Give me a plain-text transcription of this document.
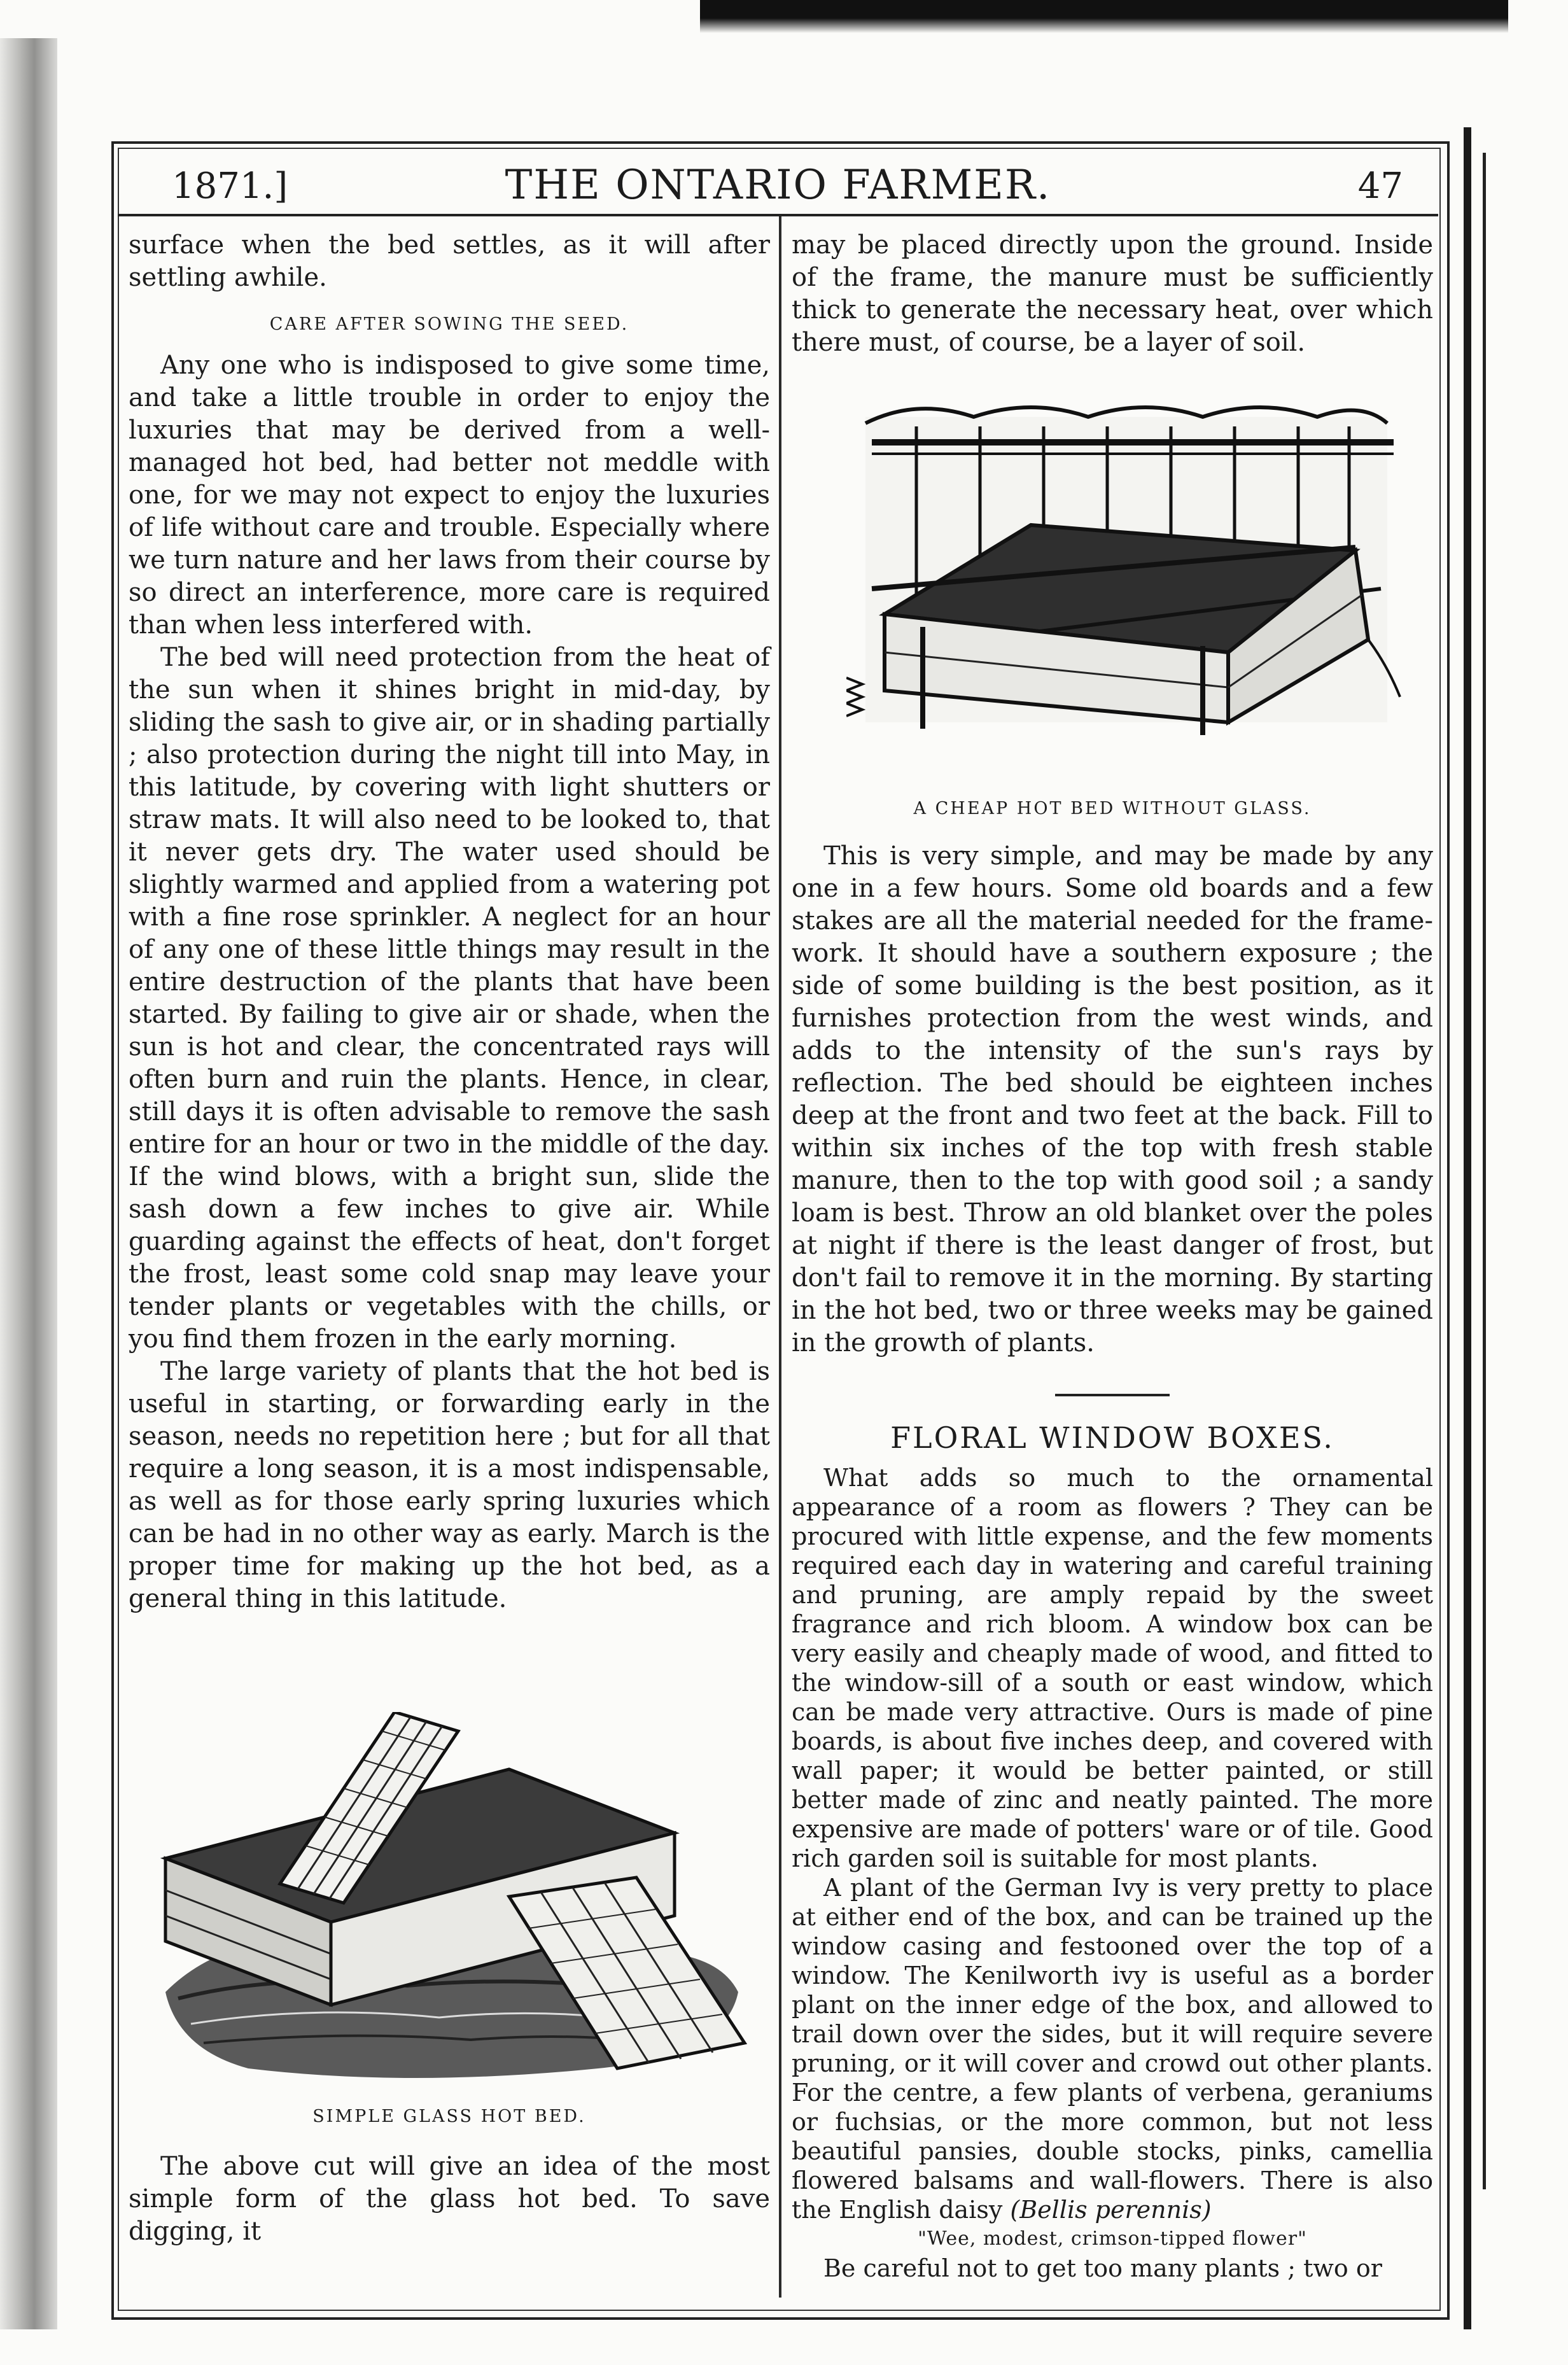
1871.]	THE ONTARIO FARMER.	47

surface when the bed settles, as it will after settling awhile.

CARE AFTER SOWING THE SEED.

Any one who is indisposed to give some time, and take a little trouble in order to enjoy the luxuries that may be derived from a well-managed hot bed, had better not meddle with one, for we may not expect to enjoy the luxuries of life without care and trouble. Especially where we turn nature and her laws from their course by so direct an interference, more care is required than when less interfered with.

The bed will need protection from the heat of the sun when it shines bright in mid-day, by sliding the sash to give air, or in shading partially ; also protection during the night till into May, in this latitude, by covering with light shutters or straw mats. It will also need to be looked to, that it never gets dry. The water used should be slightly warmed and applied from a watering pot with a fine rose sprinkler. A neglect for an hour of any one of these little things may result in the entire destruction of the plants that have been started. By failing to give air or shade, when the sun is hot and clear, the concentrated rays will often burn and ruin the plants. Hence, in clear, still days it is often advisable to remove the sash entire for an hour or two in the middle of the day. If the wind blows, with a bright sun, slide the sash down a few inches to give air. While guarding against the effects of heat, don't forget the frost, least some cold snap may leave your tender plants or vegetables with the chills, or you find them frozen in the early morning.

The large variety of plants that the hot bed is useful in starting, or forwarding early in the season, needs no repetition here ; but for all that require a long season, it is a most indispensable, as well as for those early spring luxuries which can be had in no other way as early. March is the proper time for making up the hot bed, as a general thing in this latitude.

SIMPLE GLASS HOT BED.

The above cut will give an idea of the most simple form of the glass hot bed. To save digging, it

may be placed directly upon the ground. Inside of the frame, the manure must be sufficiently thick to generate the necessary heat, over which there must, of course, be a layer of soil.

A CHEAP HOT BED WITHOUT GLASS.

This is very simple, and may be made by any one in a few hours. Some old boards and a few stakes are all the material needed for the frame-work. It should have a southern exposure ; the side of some building is the best position, as it furnishes protection from the west winds, and adds to the intensity of the sun's rays by reflection. The bed should be eighteen inches deep at the front and two feet at the back. Fill to within six inches of the top with fresh stable manure, then to the top with good soil ; a sandy loam is best. Throw an old blanket over the poles at night if there is the least danger of frost, but don't fail to remove it in the morning. By starting in the hot bed, two or three weeks may be gained in the growth of plants.

FLORAL WINDOW BOXES.

What adds so much to the ornamental appearance of a room as flowers ? They can be procured with little expense, and the few moments required each day in watering and careful training and pruning, are amply repaid by the sweet fragrance and rich bloom. A window box can be very easily and cheaply made of wood, and fitted to the window-sill of a south or east window, which can be made very attractive. Ours is made of pine boards, is about five inches deep, and covered with wall paper; it would be better painted, or still better made of zinc and neatly painted. The more expensive are made of potters' ware or of tile. Good rich garden soil is suitable for most plants.

A plant of the German Ivy is very pretty to place at either end of the box, and can be trained up the window casing and festooned over the top of a window. The Kenilworth ivy is useful as a border plant on the inner edge of the box, and allowed to trail down over the sides, but it will require severe pruning, or it will cover and crowd out other plants. For the centre, a few plants of verbena, geraniums or fuchsias, or the more common, but not less beautiful pansies, double stocks, pinks, camellia flowered balsams and wall-flowers. There is also the English daisy (Bellis perennis)

"Wee, modest, crimson-tipped flower"

Be careful not to get too many plants ; two or
